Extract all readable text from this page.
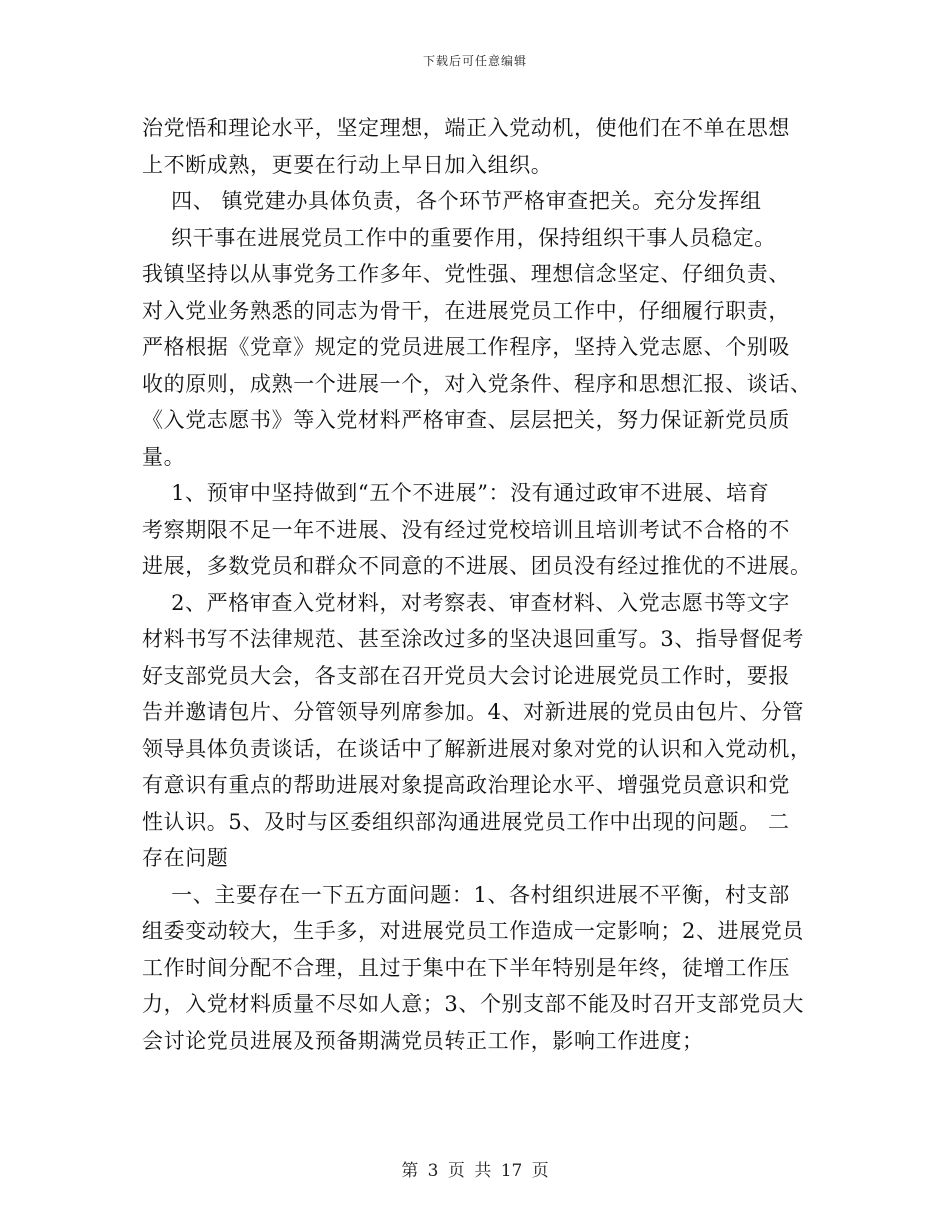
下载后可任意编辑
治党悟和理论水平，坚定理想，端正入党动机，使他们在不单在思想
上不断成熟，更要在行动上早日加入组织。
四、 镇党建办具体负责，各个环节严格审查把关。充分发挥组
织干事在进展党员工作中的重要作用，保持组织干事人员稳定。
我镇坚持以从事党务工作多年、党性强、理想信念坚定、仔细负责、
对入党业务熟悉的同志为骨干，在进展党员工作中，仔细履行职责，
严格根据《党章》规定的党员进展工作程序，坚持入党志愿、个别吸
收的原则，成熟一个进展一个，对入党条件、程序和思想汇报、谈话、
《入党志愿书》等入党材料严格审查、层层把关，努力保证新党员质
量。
1、预审中坚持做到“五个不进展”：没有通过政审不进展、培育
考察期限不足一年不进展、没有经过党校培训且培训考试不合格的不
进展，多数党员和群众不同意的不进展、团员没有经过推优的不进展。
2、严格审查入党材料，对考察表、审查材料、入党志愿书等文字
材料书写不法律规范、甚至涂改过多的坚决退回重写。3、指导督促考
好支部党员大会，各支部在召开党员大会讨论进展党员工作时，要报
告并邀请包片、分管领导列席参加。4、对新进展的党员由包片、分管
领导具体负责谈话，在谈话中了解新进展对象对党的认识和入党动机，
有意识有重点的帮助进展对象提高政治理论水平、增强党员意识和党
性认识。5、及时与区委组织部沟通进展党员工作中出现的问题。 二
存在问题
一、主要存在一下五方面问题：1、各村组织进展不平衡，村支部
组委变动较大，生手多，对进展党员工作造成一定影响；2、进展党员
工作时间分配不合理，且过于集中在下半年特别是年终，徒增工作压
力，入党材料质量不尽如人意；3、个别支部不能及时召开支部党员大
会讨论党员进展及预备期满党员转正工作，影响工作进度；
第 3 页 共 17 页
